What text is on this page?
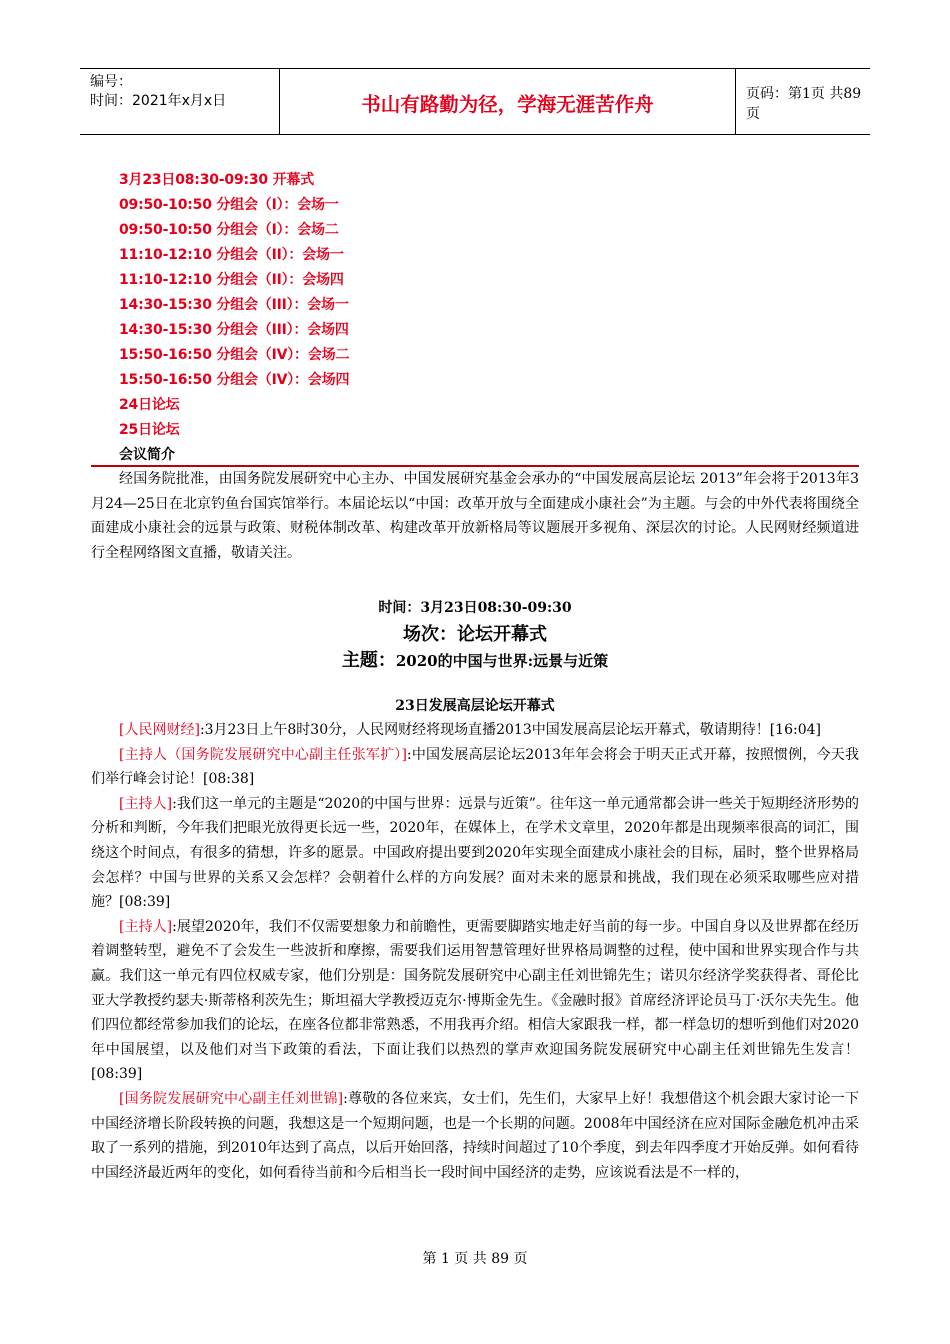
编号：
时间：2021年x月x日	书山有路勤为径，学海无涯苦作舟	页码：第1页 共89页
3月23日08:30-09:30 开幕式
09:50-10:50 分组会（I）：会场一
09:50-10:50 分组会（I）：会场二
11:10-12:10 分组会（II）：会场一
11:10-12:10 分组会（II）：会场四
14:30-15:30 分组会（III）：会场一
14:30-15:30 分组会（III）：会场四
15:50-16:50 分组会（IV）：会场二
15:50-16:50 分组会（IV）：会场四
24日论坛
25日论坛
会议简介

经国务院批准，由国务院发展研究中心主办、中国发展研究基金会承办的“中国发展高层论坛 2013”年会将于2013年3月24—25日在北京钓鱼台国宾馆举行。本届论坛以“中国：改革开放与全面建成小康社会”为主题。与会的中外代表将围绕全面建成小康社会的远景与政策、财税体制改革、构建改革开放新格局等议题展开多视角、深层次的讨论。人民网财经频道进行全程网络图文直播，敬请关注。

时间：3月23日08:30-09:30
场次：论坛开幕式
主题：2020的中国与世界:远景与近策
23日发展高层论坛开幕式

[人民网财经]:3月23日上午8时30分，人民网财经将现场直播2013中国发展高层论坛开幕式，敬请期待！[16:04]

[主持人（国务院发展研究中心副主任张军扩）]:中国发展高层论坛2013年年会将会于明天正式开幕，按照惯例，今天我们举行峰会讨论！[08:38]

[主持人]:我们这一单元的主题是“2020的中国与世界：远景与近策”。往年这一单元通常都会讲一些关于短期经济形势的分析和判断，今年我们把眼光放得更长远一些，2020年，在媒体上，在学术文章里，2020年都是出现频率很高的词汇，围绕这个时间点，有很多的猜想，许多的愿景。中国政府提出要到2020年实现全面建成小康社会的目标，届时，整个世界格局会怎样？中国与世界的关系又会怎样？会朝着什么样的方向发展？面对未来的愿景和挑战，我们现在必须采取哪些应对措施？[08:39]

[主持人]:展望2020年，我们不仅需要想象力和前瞻性，更需要脚踏实地走好当前的每一步。中国自身以及世界都在经历着调整转型，避免不了会发生一些波折和摩擦，需要我们运用智慧管理好世界格局调整的过程，使中国和世界实现合作与共赢。我们这一单元有四位权威专家，他们分别是：国务院发展研究中心副主任刘世锦先生；诺贝尔经济学奖获得者、哥伦比亚大学教授约瑟夫·斯蒂格利茨先生；斯坦福大学教授迈克尔·博斯金先生。《金融时报》首席经济评论员马丁·沃尔夫先生。他们四位都经常参加我们的论坛，在座各位都非常熟悉，不用我再介绍。相信大家跟我一样，都一样急切的想听到他们对2020年中国展望，以及他们对当下政策的看法，下面让我们以热烈的掌声欢迎国务院发展研究中心副主任刘世锦先生发言！[08:39]

[国务院发展研究中心副主任刘世锦]:尊敬的各位来宾，女士们，先生们，大家早上好！我想借这个机会跟大家讨论一下中国经济增长阶段转换的问题，我想这是一个短期问题，也是一个长期的问题。2008年中国经济在应对国际金融危机冲击采取了一系列的措施，到2010年达到了高点，以后开始回落，持续时间超过了10个季度，到去年四季度才开始反弹。如何看待中国经济最近两年的变化，如何看待当前和今后相当长一段时间中国经济的走势，应该说看法是不一样的，

第 1 页 共 89 页
